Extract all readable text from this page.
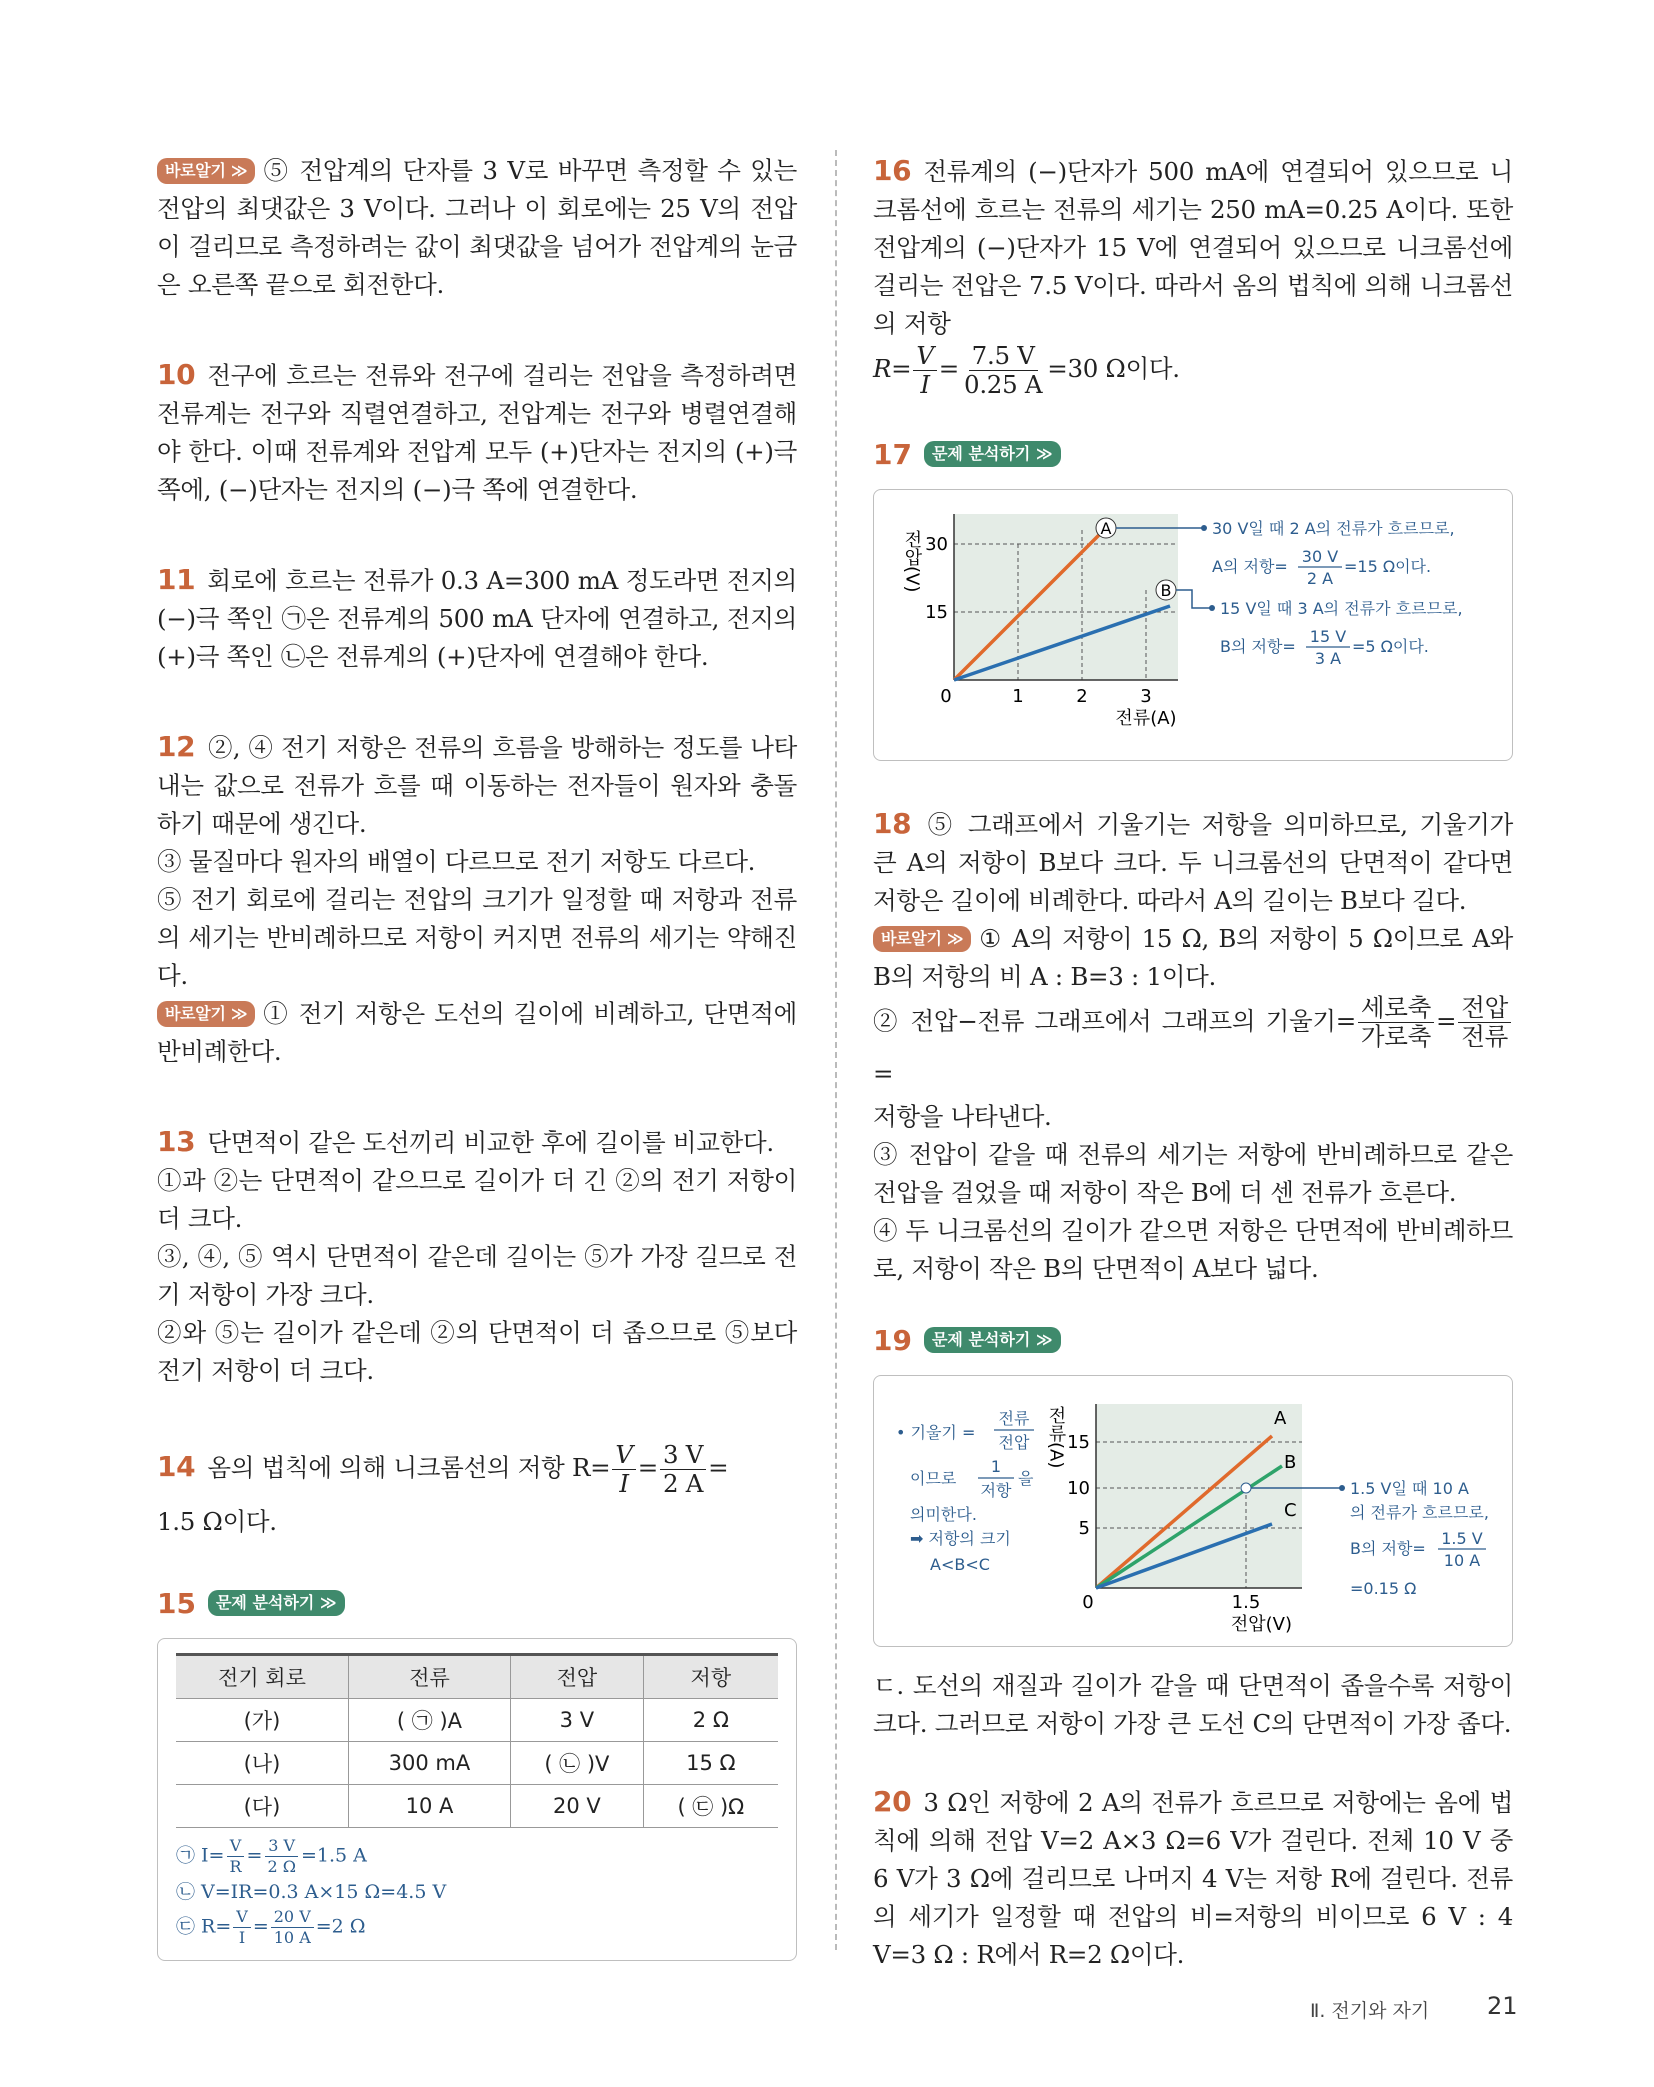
바로알기 ≫ ⑤ 전압계의 단자를 3 V로 바꾸면 측정할 수 있는 전압의 최댓값은 3 V이다. 그러나 이 회로에는 25 V의 전압이 걸리므로 측정하려는 값이 최댓값을 넘어가 전압계의 눈금은 오른쪽 끝으로 회전한다.

10 전구에 흐르는 전류와 전구에 걸리는 전압을 측정하려면 전류계는 전구와 직렬연결하고, 전압계는 전구와 병렬연결해야 한다. 이때 전류계와 전압계 모두 (+)단자는 전지의 (+)극 쪽에, (−)단자는 전지의 (−)극 쪽에 연결한다.

11 회로에 흐르는 전류가 0.3 A=300 mA 정도라면 전지의 (−)극 쪽인 ㉠은 전류계의 500 mA 단자에 연결하고, 전지의 (+)극 쪽인 ㉡은 전류계의 (+)단자에 연결해야 한다.

12 ②, ④ 전기 저항은 전류의 흐름을 방해하는 정도를 나타내는 값으로 전류가 흐를 때 이동하는 전자들이 원자와 충돌하기 때문에 생긴다.

③ 물질마다 원자의 배열이 다르므로 전기 저항도 다르다.

⑤ 전기 회로에 걸리는 전압의 크기가 일정할 때 저항과 전류의 세기는 반비례하므로 저항이 커지면 전류의 세기는 약해진다.

바로알기 ≫ ① 전기 저항은 도선의 길이에 비례하고, 단면적에 반비례한다.

13 단면적이 같은 도선끼리 비교한 후에 길이를 비교한다.

①과 ②는 단면적이 같으므로 길이가 더 긴 ②의 전기 저항이 더 크다.

③, ④, ⑤ 역시 단면적이 같은데 길이는 ⑤가 가장 길므로 전기 저항이 가장 크다.

②와 ⑤는 길이가 같은데 ②의 단면적이 더 좁으므로 ⑤보다 전기 저항이 더 크다.

14 옴의 법칙에 의해 니크롬선의 저항 $R= \frac{V}{I} = \frac{3 V}{2 A}$ =
1.5 Ω이다.

15	문제 분석하기 ≫
전기 회로	전류	전압	저항
(가)	( ㉠ )A	3 V	2 Ω
(나)	300 mA	( ㉡ )V	15 Ω
(다)	10 A	20 V	( ㉢ )Ω
㉠ $I= \frac{V}{R} = \frac{3 V}{2 \Omega} =1.5$ A
㉡ V=IR=0.3 A×15 Ω=4.5 V
㉢ $R= \frac{V}{I} = \frac{20 V}{10 A} =2$ Ω

16 전류계의 (−)단자가 500 mA에 연결되어 있으므로 니크롬선에 흐르는 전류의 세기는 250 mA=0.25 A이다. 또한 전압계의 (−)단자가 15 V에 연결되어 있으므로 니크롬선에 걸리는 전압은 7.5 V이다. 따라서 옴의 법칙에 의해 니크롬선의 저항

$R= \frac{V}{I} = \frac{7.5 V}{0.25 A} =30$ Ω이다.

17	문제 분석하기 ≫
A
B
전압(V) 30
15
0	1	2	3
전류(A)
30 V일 때 2 A의 전류가 흐르므로,
A의 저항=
30 V
2 A
=15 Ω이다.
15 V일 때 3 A의 전류가 흐르므로,
B의 저항=
15 V
3 A
=5 Ω이다.

18 ⑤ 그래프에서 기울기는 저항을 의미하므로, 기울기가 큰 A의 저항이 B보다 크다. 두 니크롬선의 단면적이 같다면 저항은 길이에 비례한다. 따라서 A의 길이는 B보다 길다.

바로알기 ≫ ① A의 저항이 15 Ω, B의 저항이 5 Ω이므로 A와 B의 저항의 비 A : B=3 : 1이다.

② 전압−전류 그래프에서 그래프의 기울기= $\frac{\text{세로축}}{\text{가로축}} = \frac{\text{전압}}{\text{전류}}$
=

저항을 나타낸다.

③ 전압이 같을 때 전류의 세기는 저항에 반비례하므로 같은 전압을 걸었을 때 저항이 작은 B에 더 센 전류가 흐른다.

④ 두 니크롬선의 길이가 같으면 저항은 단면적에 반비례하므로, 저항이 작은 B의 단면적이 A보다 넓다.

19	문제 분석하기 ≫
• 기울기 =
전류
전압
이므로
1
저항
을
의미한다.
➡ 저항의 크기
A<B<C
A
B
C
전류(A) 15
10
5
0	1.5
전압(V)
1.5 V일 때 10 A
의 전류가 흐르므로,
B의 저항=
1.5 V
10 A
=0.15 Ω

ㄷ. 도선의 재질과 길이가 같을 때 단면적이 좁을수록 저항이 크다. 그러므로 저항이 가장 큰 도선 C의 단면적이 가장 좁다.

20 3 Ω인 저항에 2 A의 전류가 흐르므로 저항에는 옴에 법칙에 의해 전압 V=2 A×3 Ω=6 V가 걸린다. 전체 10 V 중 6 V가 3 Ω에 걸리므로 나머지 4 V는 저항 R에 걸린다. 전류의 세기가 일정할 때 전압의 비=저항의 비이므로 6 V : 4 V=3 Ω : R에서 R=2 Ω이다.

Ⅱ. 전기와 자기 21
